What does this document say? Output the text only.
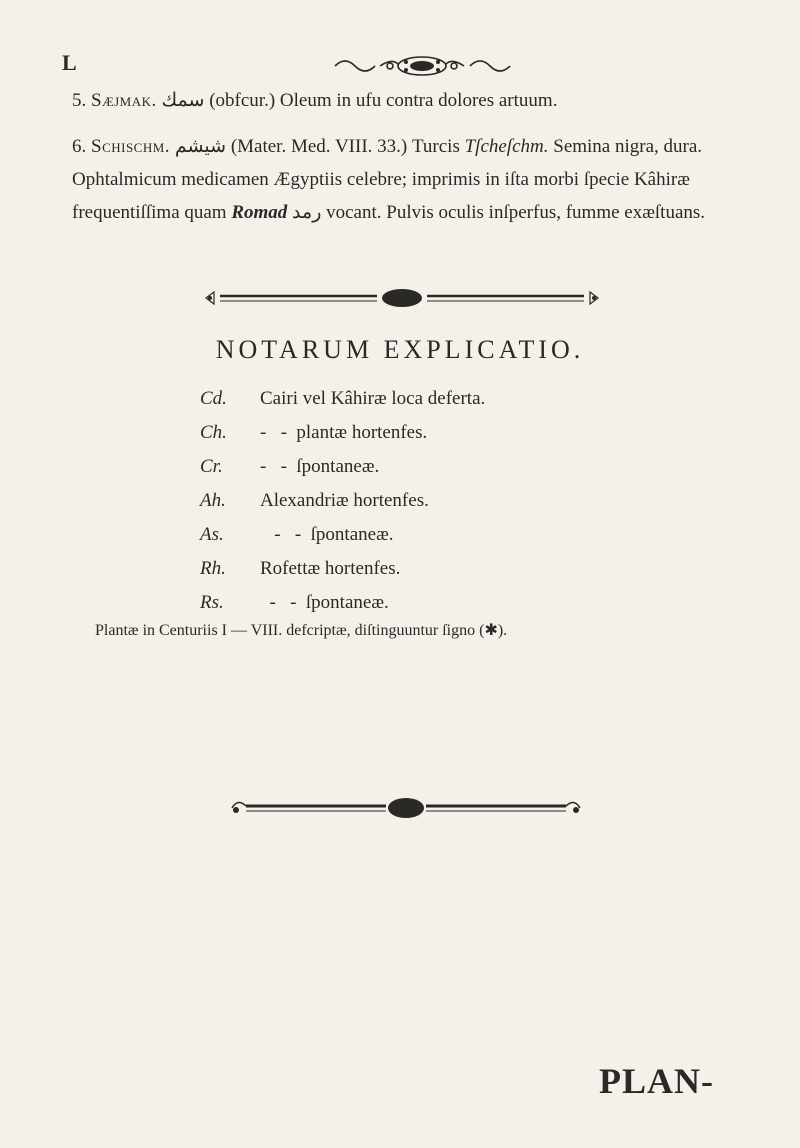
L
5. Sæjmak. سمك (obfcur.) Oleum in ufu contra dolores artuum.
6. Schischm. شيشم (Mater. Med. VIII. 33.) Turcis Tſcheſchm. Semina nigra, dura. Ophtalmicum medicamen Ægyptiis celebre; imprimis in iſta morbi ſpecie Kâhiræ frequentiſſima quam Romad رمد vocant. Pulvis oculis inſperfus, fumme exæſtuans.
NOTARUM EXPLICATIO.
Cd.	Cairi vel Kâhiræ loca deferta.
Ch.	-   -  plantæ hortenfes.
Cr.	-   -  ſpontaneæ.
Ah.	Alexandriæ hortenfes.
As.	-   -  ſpontaneæ.
Rh.	Rofettæ hortenfes.
Rs.	-   -  ſpontaneæ.
Plantæ in Centuriis I — VIII. defcriptæ, diſtinguuntur ſigno (✱).
PLAN-
